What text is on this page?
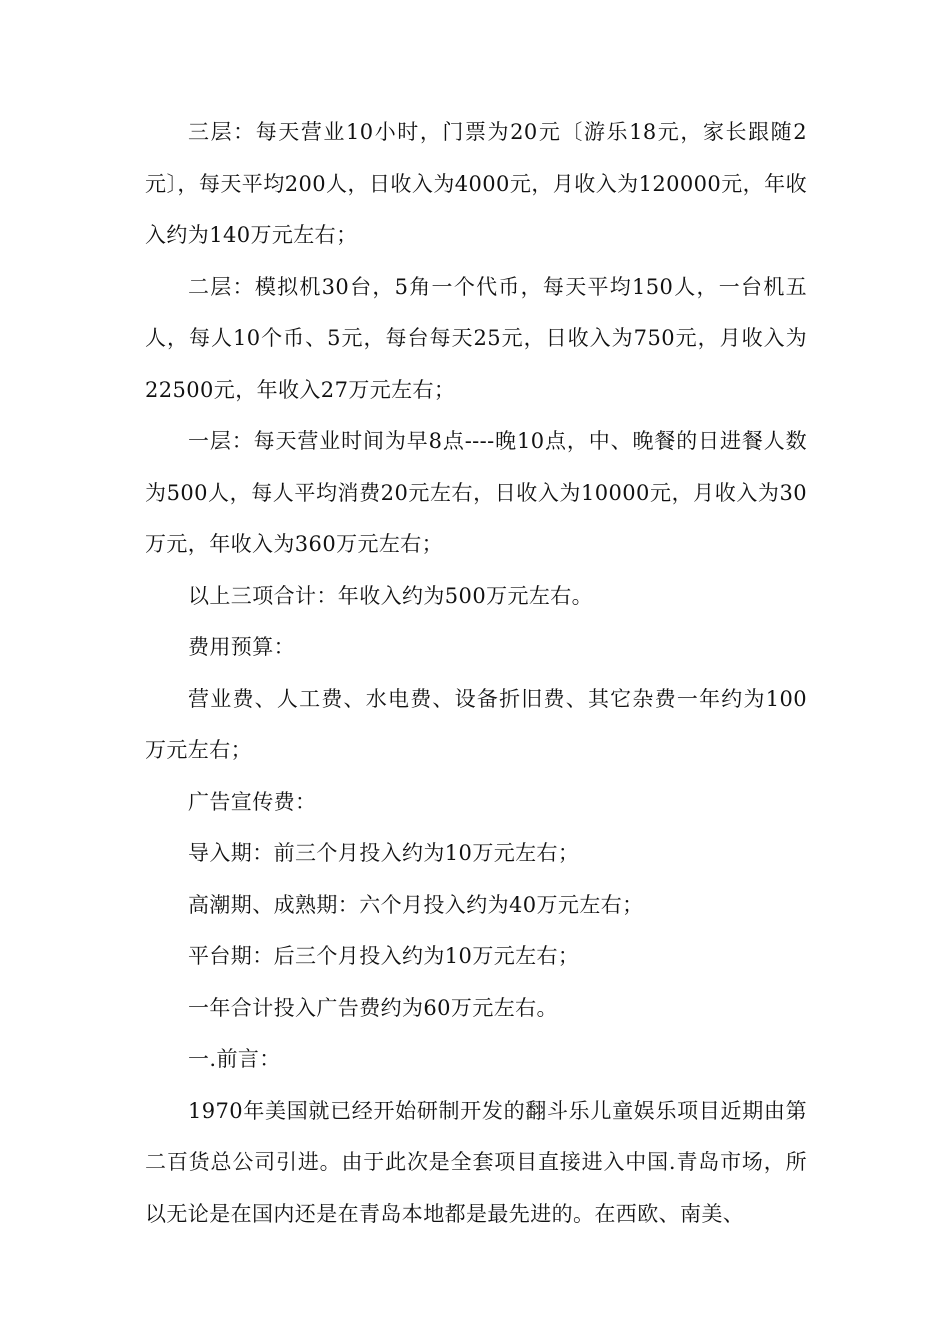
三层：每天营业10小时，门票为20元〔游乐18元，家长跟随2元〕，每天平均200人，日收入为4000元，月收入为120000元，年收入约为140万元左右；

二层：模拟机30台，5角一个代币，每天平均150人，一台机五人，每人10个币、5元，每台每天25元，日收入为750元，月收入为22500元，年收入27万元左右；

一层：每天营业时间为早8点----晚10点，中、晚餐的日进餐人数为500人，每人平均消费20元左右，日收入为10000元，月收入为30万元，年收入为360万元左右；

以上三项合计：年收入约为500万元左右。

费用预算：

营业费、人工费、水电费、设备折旧费、其它杂费一年约为100万元左右；

广告宣传费：

导入期：前三个月投入约为10万元左右；

高潮期、成熟期：六个月投入约为40万元左右；

平台期：后三个月投入约为10万元左右；

一年合计投入广告费约为60万元左右。

一.前言：

1970年美国就已经开始研制开发的翻斗乐儿童娱乐项目近期由第二百货总公司引进。由于此次是全套项目直接进入中国.青岛市场，所以无论是在国内还是在青岛本地都是最先进的。在西欧、南美、
